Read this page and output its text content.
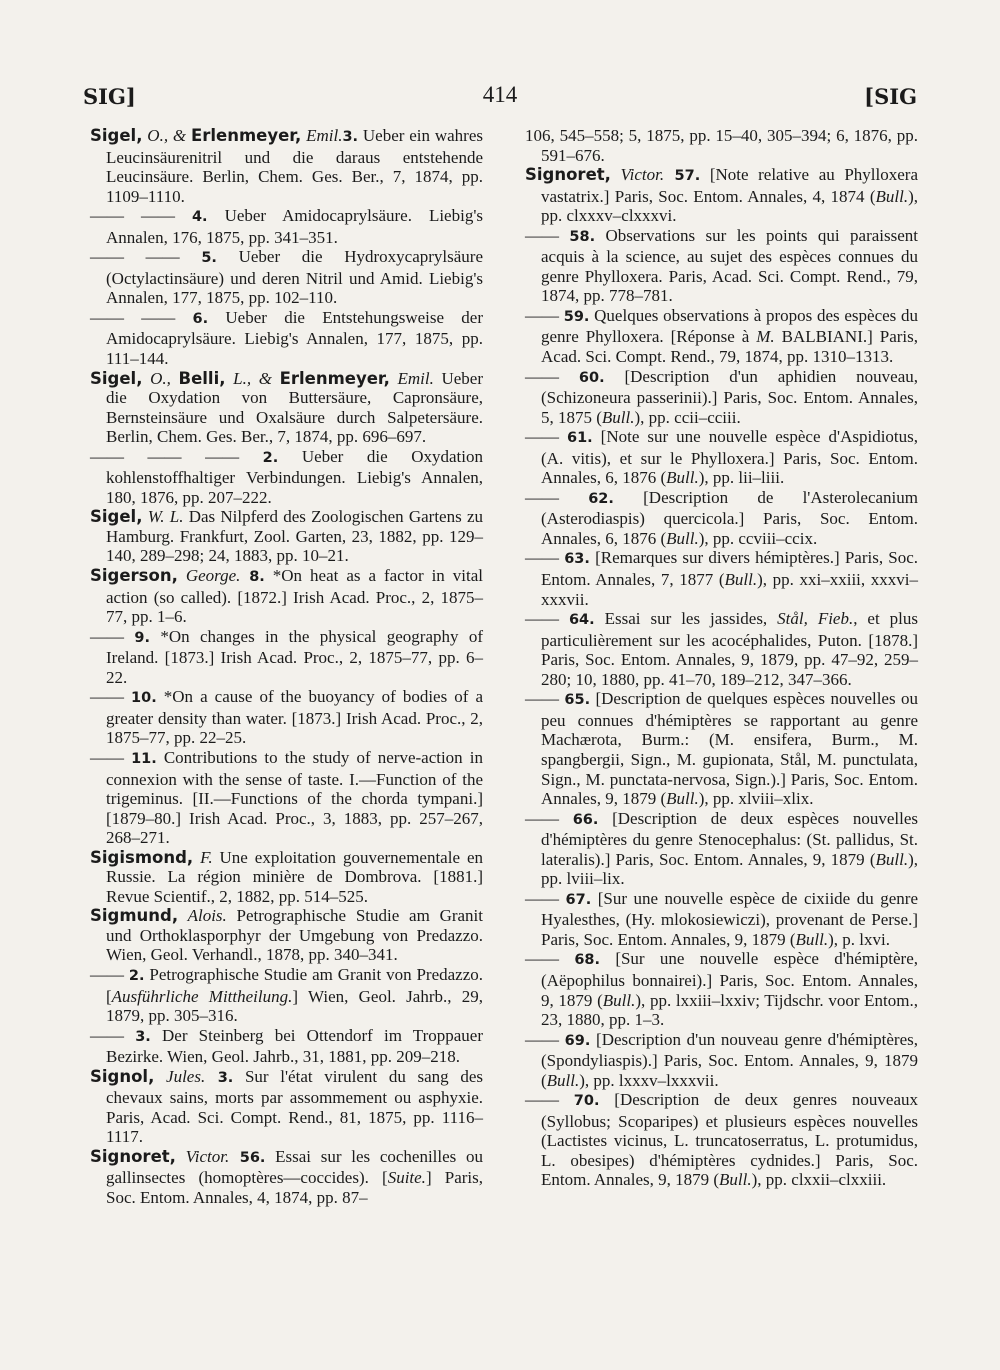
SIG]	414	[SIG

Sigel, O., & Erlenmeyer, Emil.3. Ueber ein wahres Leucinsäurenitril und die daraus entstehende Leucinsäure. Berlin, Chem. Ges. Ber., 7, 1874, pp. 1109–1110.

—— —— 4. Ueber Amidocaprylsäure. Liebig's Annalen, 176, 1875, pp. 341–351.

—— —— 5. Ueber die Hydroxycaprylsäure (Octylactinsäure) und deren Nitril und Amid. Liebig's Annalen, 177, 1875, pp. 102–110.

—— —— 6. Ueber die Entstehungsweise der Amidocaprylsäure. Liebig's Annalen, 177, 1875, pp. 111–144.

Sigel, O., Belli, L., & Erlenmeyer, Emil. Ueber die Oxydation von Buttersäure, Capronsäure, Bernsteinsäure und Oxalsäure durch Salpetersäure. Berlin, Chem. Ges. Ber., 7, 1874, pp. 696–697.

—— —— —— 2. Ueber die Oxydation kohlenstoffhaltiger Verbindungen. Liebig's Annalen, 180, 1876, pp. 207–222.

Sigel, W. L. Das Nilpferd des Zoologischen Gartens zu Hamburg. Frankfurt, Zool. Garten, 23, 1882, pp. 129–140, 289–298; 24, 1883, pp. 10–21.

Sigerson, George. 8. *On heat as a factor in vital action (so called). [1872.] Irish Acad. Proc., 2, 1875–77, pp. 1–6.

—— 9. *On changes in the physical geography of Ireland. [1873.] Irish Acad. Proc., 2, 1875–77, pp. 6–22.

—— 10. *On a cause of the buoyancy of bodies of a greater density than water. [1873.] Irish Acad. Proc., 2, 1875–77, pp. 22–25.

—— 11. Contributions to the study of nerve-action in connexion with the sense of taste. I.—Function of the trigeminus. [II.—Functions of the chorda tympani.] [1879–80.] Irish Acad. Proc., 3, 1883, pp. 257–267, 268–271.

Sigismond, F. Une exploitation gouvernementale en Russie. La région minière de Dombrova. [1881.] Revue Scientif., 2, 1882, pp. 514–525.

Sigmund, Alois. Petrographische Studie am Granit und Orthoklasporphyr der Umgebung von Predazzo. Wien, Geol. Verhandl., 1878, pp. 340–341.

—— 2. Petrographische Studie am Granit von Predazzo. [Ausführliche Mittheilung.] Wien, Geol. Jahrb., 29, 1879, pp. 305–316.

—— 3. Der Steinberg bei Ottendorf im Troppauer Bezirke. Wien, Geol. Jahrb., 31, 1881, pp. 209–218.

Signol, Jules. 3. Sur l'état virulent du sang des chevaux sains, morts par assommement ou asphyxie. Paris, Acad. Sci. Compt. Rend., 81, 1875, pp. 1116–1117.

Signoret, Victor. 56. Essai sur les cochenilles ou gallinsectes (homoptères—coccides). [Suite.] Paris, Soc. Entom. Annales, 4, 1874, pp. 87–

106, 545–558; 5, 1875, pp. 15–40, 305–394; 6, 1876, pp. 591–676.

Signoret, Victor. 57. [Note relative au Phylloxera vastatrix.] Paris, Soc. Entom. Annales, 4, 1874 (Bull.), pp. clxxxv–clxxxvi.

—— 58. Observations sur les points qui paraissent acquis à la science, au sujet des espèces connues du genre Phylloxera. Paris, Acad. Sci. Compt. Rend., 79, 1874, pp. 778–781.

—— 59. Quelques observations à propos des espèces du genre Phylloxera. [Réponse à M. BALBIANI.] Paris, Acad. Sci. Compt. Rend., 79, 1874, pp. 1310–1313.

—— 60. [Description d'un aphidien nouveau, (Schizoneura passerinii).] Paris, Soc. Entom. Annales, 5, 1875 (Bull.), pp. ccii–cciii.

—— 61. [Note sur une nouvelle espèce d'Aspidiotus, (A. vitis), et sur le Phylloxera.] Paris, Soc. Entom. Annales, 6, 1876 (Bull.), pp. lii–liii.

—— 62. [Description de l'Asterolecanium (Asterodiaspis) quercicola.] Paris, Soc. Entom. Annales, 6, 1876 (Bull.), pp. ccviii–ccix.

—— 63. [Remarques sur divers hémiptères.] Paris, Soc. Entom. Annales, 7, 1877 (Bull.), pp. xxi–xxiii, xxxvi–xxxvii.

—— 64. Essai sur les jassides, Stål, Fieb., et plus particulièrement sur les acocéphalides, Puton. [1878.] Paris, Soc. Entom. Annales, 9, 1879, pp. 47–92, 259–280; 10, 1880, pp. 41–70, 189–212, 347–366.

—— 65. [Description de quelques espèces nouvelles ou peu connues d'hémiptères se rapportant au genre Machærota, Burm.: (M. ensifera, Burm., M. spangbergii, Sign., M. gupionata, Stål, M. punctulata, Sign., M. punctata-nervosa, Sign.).] Paris, Soc. Entom. Annales, 9, 1879 (Bull.), pp. xlviii–xlix.

—— 66. [Description de deux espèces nouvelles d'hémiptères du genre Stenocephalus: (St. pallidus, St. lateralis).] Paris, Soc. Entom. Annales, 9, 1879 (Bull.), pp. lviii–lix.

—— 67. [Sur une nouvelle espèce de cixiide du genre Hyalesthes, (Hy. mlokosiewiczi), provenant de Perse.] Paris, Soc. Entom. Annales, 9, 1879 (Bull.), p. lxvi.

—— 68. [Sur une nouvelle espèce d'hémiptère, (Aëpophilus bonnairei).] Paris, Soc. Entom. Annales, 9, 1879 (Bull.), pp. lxxiii–lxxiv; Tijdschr. voor Entom., 23, 1880, pp. 1–3.

—— 69. [Description d'un nouveau genre d'hémiptères, (Spondyliaspis).] Paris, Soc. Entom. Annales, 9, 1879 (Bull.), pp. lxxxv–lxxxvii.

—— 70. [Description de deux genres nouveaux (Syllobus; Scoparipes) et plusieurs espèces nouvelles (Lactistes vicinus, L. truncatoserratus, L. protumidus, L. obesipes) d'hémiptères cydnides.] Paris, Soc. Entom. Annales, 9, 1879 (Bull.), pp. clxxii–clxxiii.
